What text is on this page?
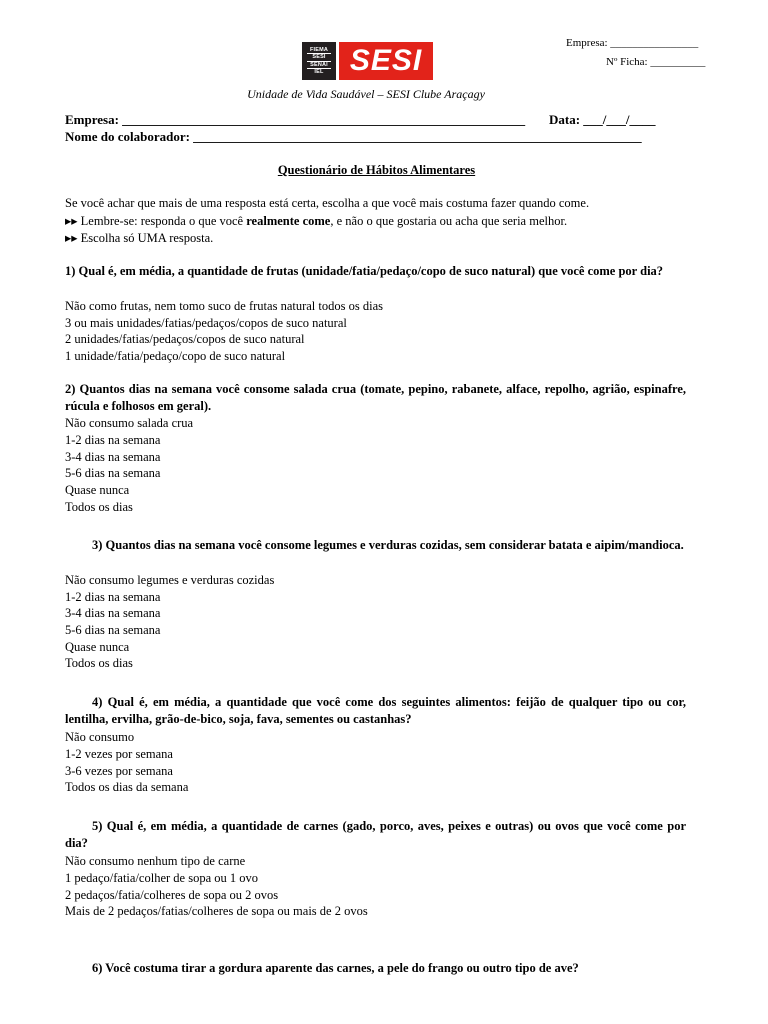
FIEMA
SESI
SENAI
IEL SESI
Empresa: ________________
Nº Ficha: __________
Unidade de Vida Saudável – SESI Clube Araçagy
Empresa: ______________________________________________________________ Data: ___/___/____
Nome do colaborador: _____________________________________________________________________
Questionário de Hábitos Alimentares
Se você achar que mais de uma resposta está certa, escolha a que você mais costuma fazer quando come.
▸▸ Lembre-se: responda o que você realmente come, e não o que gostaria ou acha que seria melhor.
▸▸ Escolha só UMA resposta.
1) Qual é, em média, a quantidade de frutas (unidade/fatia/pedaço/copo de suco natural) que você come por dia?
Não como frutas, nem tomo suco de frutas natural todos os dias
3 ou mais unidades/fatias/pedaços/copos de suco natural
2 unidades/fatias/pedaços/copos de suco natural
1 unidade/fatia/pedaço/copo de suco natural
2) Quantos dias na semana você consome salada crua (tomate, pepino, rabanete, alface, repolho, agrião, espinafre, rúcula e folhosos em geral).
Não consumo salada crua
1-2 dias na semana
3-4 dias na semana
5-6 dias na semana
Quase nunca
Todos os dias
3) Quantos dias na semana você consome legumes e verduras cozidas, sem considerar batata e aipim/mandioca.
Não consumo legumes e verduras cozidas
1-2 dias na semana
3-4 dias na semana
5-6 dias na semana
Quase nunca
Todos os dias
4) Qual é, em média, a quantidade que você come dos seguintes alimentos: feijão de qualquer tipo ou cor, lentilha, ervilha, grão-de-bico, soja, fava, sementes ou castanhas?
Não consumo
1-2 vezes por semana
3-6 vezes por semana
Todos os dias da semana
5) Qual é, em média, a quantidade de carnes (gado, porco, aves, peixes e outras) ou ovos que você come por dia?
Não consumo nenhum tipo de carne
1 pedaço/fatia/colher de sopa ou 1 ovo
2 pedaços/fatia/colheres de sopa ou 2 ovos
Mais de 2 pedaços/fatias/colheres de sopa ou mais de 2 ovos
6) Você costuma tirar a gordura aparente das carnes, a pele do frango ou outro tipo de ave?
